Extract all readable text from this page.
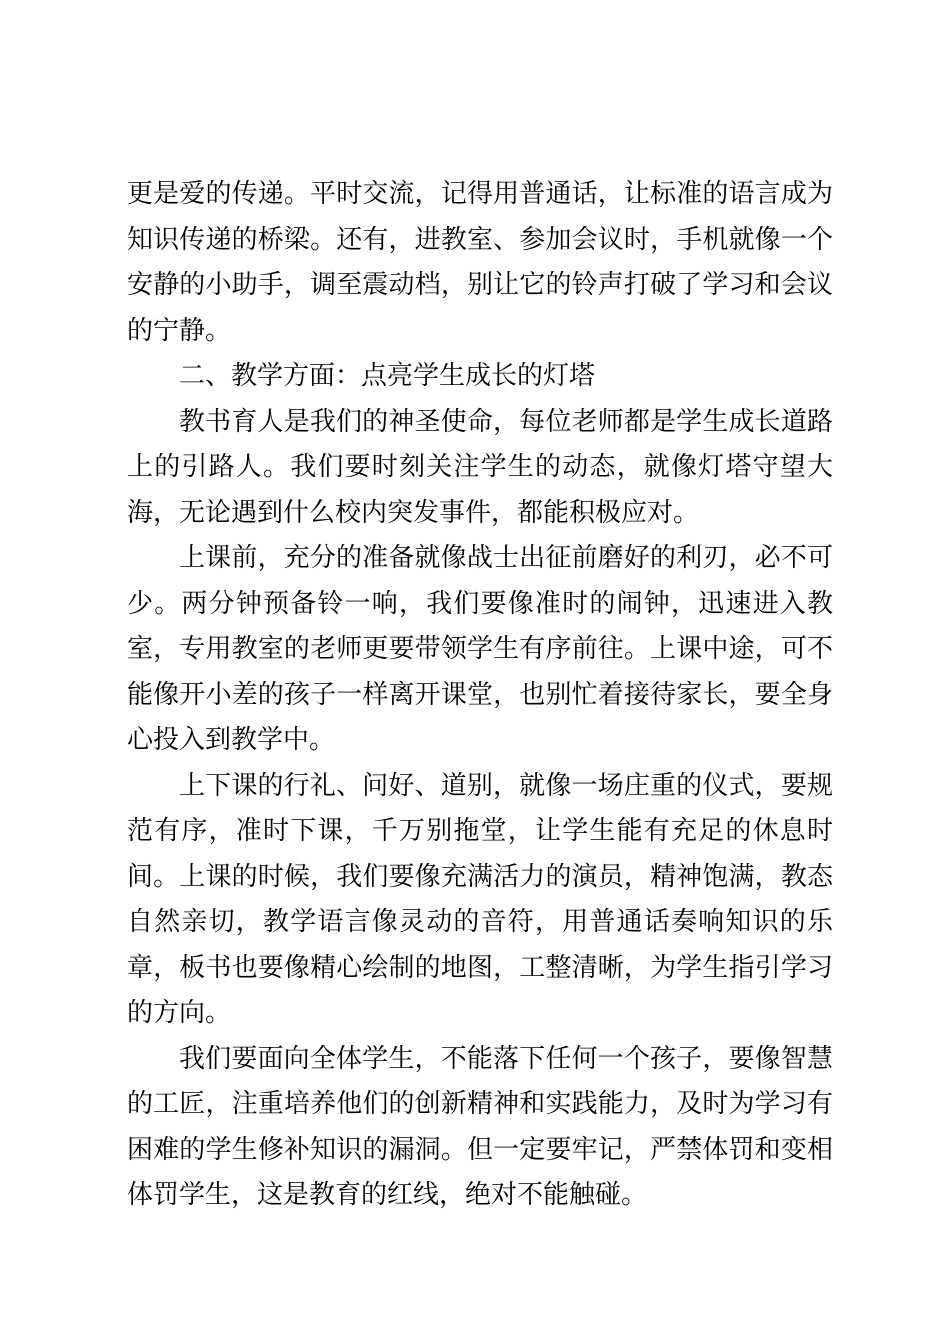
更是爱的传递。平时交流，记得用普通话，让标准的语言成为知识传递的桥梁。还有，进教室、参加会议时，手机就像一个安静的小助手，调至震动档，别让它的铃声打破了学习和会议的宁静。

二、教学方面：点亮学生成长的灯塔

教书育人是我们的神圣使命，每位老师都是学生成长道路上的引路人。我们要时刻关注学生的动态，就像灯塔守望大海，无论遇到什么校内突发事件，都能积极应对。

上课前，充分的准备就像战士出征前磨好的利刃，必不可少。两分钟预备铃一响，我们要像准时的闹钟，迅速进入教室，专用教室的老师更要带领学生有序前往。上课中途，可不能像开小差的孩子一样离开课堂，也别忙着接待家长，要全身心投入到教学中。

上下课的行礼、问好、道别，就像一场庄重的仪式，要规范有序，准时下课，千万别拖堂，让学生能有充足的休息时间。上课的时候，我们要像充满活力的演员，精神饱满，教态自然亲切，教学语言像灵动的音符，用普通话奏响知识的乐章，板书也要像精心绘制的地图，工整清晰，为学生指引学习的方向。

我们要面向全体学生，不能落下任何一个孩子，要像智慧的工匠，注重培养他们的创新精神和实践能力，及时为学习有困难的学生修补知识的漏洞。但一定要牢记，严禁体罚和变相体罚学生，这是教育的红线，绝对不能触碰。
